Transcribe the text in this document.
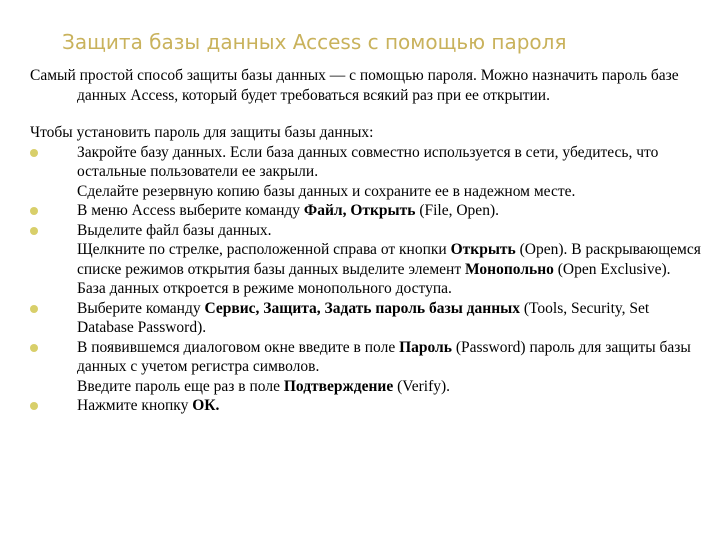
Защита базы данных Access с помощью пароля

Самый простой способ защиты базы данных — с помощью пароля. Можно назначить пароль базе данных Access, который будет требоваться всякий раз при ее открытии.

Чтобы установить пароль для защиты базы данных:

Закройте базу данных. Если база данных совместно используется в сети, убедитесь, что остальные пользователи ее закрыли.
Сделайте резервную копию базы данных и сохраните ее в надежном месте.
В меню Access выберите команду Файл, Открыть (File, Open).
Выделите файл базы данных.
Щелкните по стрелке, расположенной справа от кнопки Открыть (Open). В раскрывающемся списке режимов открытия базы данных выделите элемент Монопольно (Open Exclusive). База данных откроется в режиме монопольного доступа.
Выберите команду Сервис, Защита, Задать пароль базы данных (Tools, Security, Set Database Password).
В появившемся диалоговом окне введите в поле Пароль (Password) пароль для защиты базы данных с учетом регистра символов.
Введите пароль еще раз в поле Подтверждение (Verify).
Нажмите кнопку ОК.
